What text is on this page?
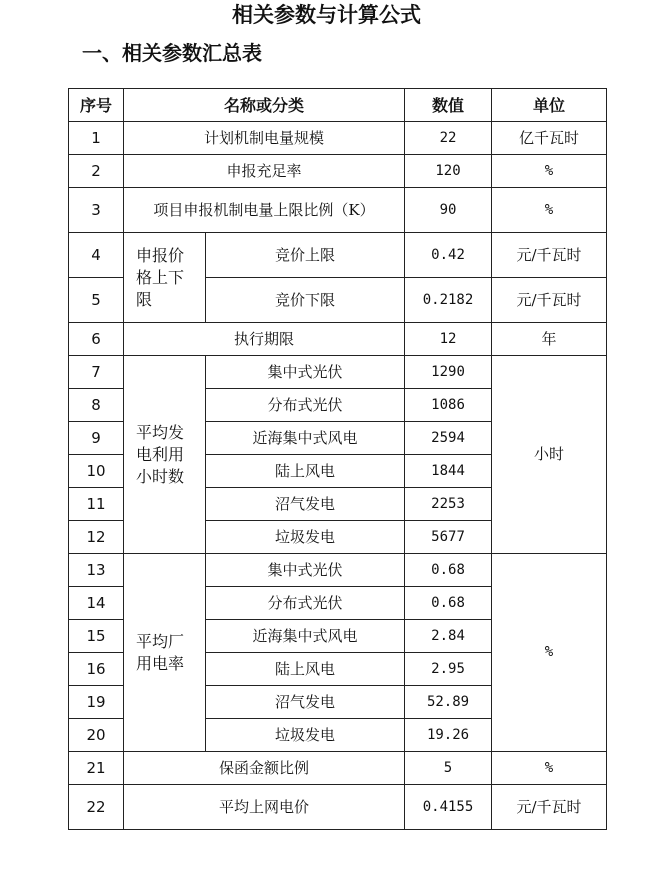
相关参数与计算公式
一、相关参数汇总表
序号	名称或分类		数值	单位
1	计划机制电量规模		22	亿千瓦时
2	申报充足率		120	%
3	项目申报机制电量上限比例（K）		90	%
4	申报价格上下限	竞价上限	0.42	元/千瓦时
5		竞价下限	0.2182	元/千瓦时
6	执行期限		12	年
7	平均发电利用小时数	集中式光伏	1290	小时
8		分布式光伏	1086	
9		近海集中式风电	2594	
10		陆上风电	1844	
11		沼气发电	2253	
12		垃圾发电	5677	
13	平均厂用电率	集中式光伏	0.68	%
14		分布式光伏	0.68	
15		近海集中式风电	2.84	
16		陆上风电	2.95	
19		沼气发电	52.89	
20		垃圾发电	19.26	
21	保函金额比例		5	%
22	平均上网电价		0.4155	元/千瓦时
